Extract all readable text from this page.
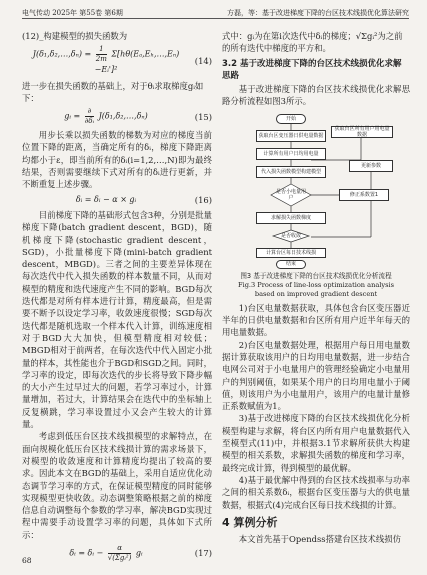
电气传动 2025年 第55卷 第6期	方磊，等：基于改进梯度下降的台区技术线损优化算法研究

(12)_构建模型的损失函数为

J(δ₁,δ₂,…,δₙ) = $\frac{1}{2m}$ Σ[ℎθ(Eₐ,Eₕ,…,Eₙ)−Eᵢ']²
(14)

进一步在损失函数的基础上，对于θᵢ求取梯度gᵢ如下：

gᵢ = $\frac{\partial}{\text{∂δᵢ}}$ J(δ₁,δ₂,…,δₙ)	(15)

用步长乘以损失函数的梯数为对应的梯度当前位置下降的距离，当确定所有的δᵢ，梯度下降距离均都小于ε，即当前所有的δᵢ(i=1,2,…,N)即为最终结果，否则需要继续下式对所有的δᵢ进行更新，并不断重复上述步骤。

δᵢ = δᵢ − α × gᵢ	(16)

目前梯度下降的基础形式包含3种，分别是批量梯度下降(batch gradient descent，BGD)，随机梯度下降(stochastic gradient descent，SGD)，小批量梯度下降(mini-batch gradient descent，MBGD)。三者之间的主要差异体现在每次迭代中代入损失函数的样本数量不同，从而对模型的精度和迭代速度产生不同的影响。BGD每次迭代都是对所有样本进行计算，精度最高，但是需要不断予以设定学习率，收敛速度很慢；SGD每次迭代都是随机选取一个样本代入计算，训练速度相对于BGD大大加快，但模型精度相对较低；MBGD相对于前两者，在每次迭代中代入固定小批量的样本，其性能也介于BGD和SGD之间。同时，学习率的设定，即每次迭代的步长将导致下降步幅的大小产生过早过大的问题，若学习率过小，计算量增加，若过大，计算结果会在迭代中的坐标轴上反复横跳，学习率设置过小又会产生较大的计算量。

考虑到低压台区技术线损模型的求解特点，在面向规模化低压台区技术线损计算的需求场景下，对模型的收敛速度和计算精度均提出了较高的要求。因此本文在BGD的基础上，采用自适应优化动态调节学习率的方式，在保证模型精度的同时能够实现模型更快收敛。动态调整策略根据之前的梯度信息自动调整每个参数的学习率，解决BGD实现过程中需要手动设置学习率的问题，具体如下式所示：

δᵢ = δᵢ − $\frac{\alpha}{\text{√(Σgᵢ²)}}$ gᵢ	(17)

式中：gᵢ为在第i次迭代中δᵢ的梯度；√Σgᵢ²为之前的所有迭代中梯度的平方和。

3.2 基于改进梯度下降的台区技术线损优化求解思路

基于改进梯度下降的台区技术线损优化求解思路分析流程如图3所示。

开始
获取台区变压器日供电量数据
获取台区所有用户用电量数据
计算所有用户日均用电量
代入损失函数模型构建模型
是否小电量用户	修正系数置1
求解损失函数梯度
是否收敛
更新参数
计算台区每日技术线损
结束

图3 基于改进梯度下降的台区技术线损优化分析流程

Fig.3 Process of line-loss optimization analysis

based on improved gradient descent

1)台区电量数据获取，具体包含台区变压器近半年的日供电量数据和台区所有用户近半年每天的用电量数据。

2)台区电量数据处理，根据用户每日用电量数据计算获取该用户的日均用电量数据，进一步结合电网公司对于小电量用户的管理经验确定小电量用户的判别阈值，如果某个用户的日均用电量小于阈值，则该用户为小电量用户，该用户的电量计量修正系数赋值为1。

3)基于改进梯度下降的台区技术线损优化分析模型构建与求解，将台区内所有用户电量数据代入至模型式(11)中，并根据3.1节求解所获供大构建模型的相关系数，求解损失函数的梯度和学习率，最终完成计算，得到模型的最优解。

4)基于最优解中得到的台区技术线损率与功率之间的相关系数δᵢ，根据台区变压器与大的供电量数据，根据式(4)完成台区每日技术线损的计算。

4 算例分析

本文首先基于Opendss搭建台区技术线损仿

68
